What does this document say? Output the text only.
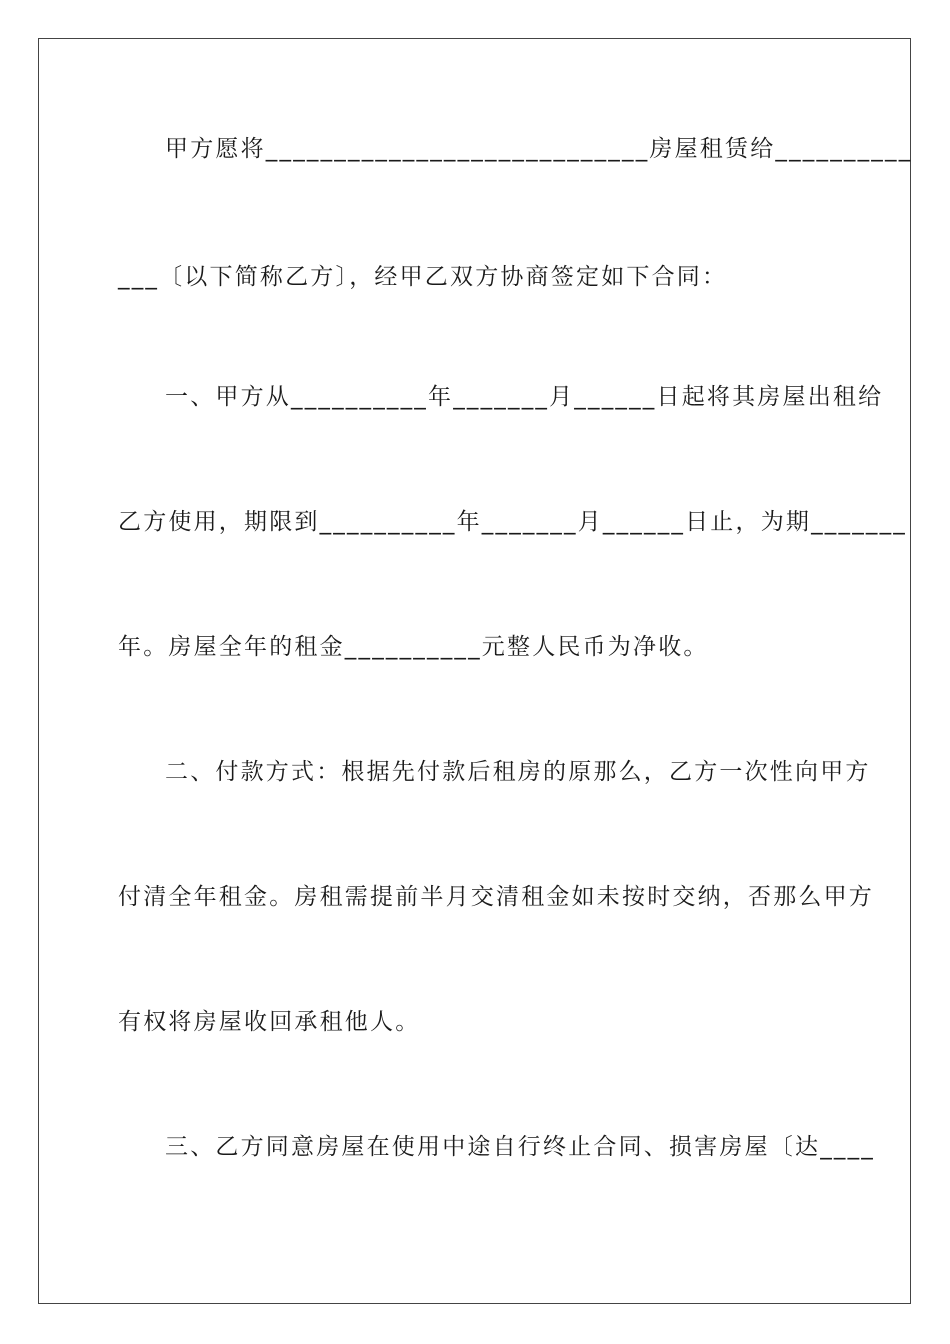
甲方愿将____________________________房屋租赁给__________
___〔以下简称乙方〕，经甲乙双方协商签定如下合同：
一、甲方从__________年_______月______日起将其房屋出租给
乙方使用，期限到__________年_______月______日止，为期_______
年。房屋全年的租金__________元整人民币为净收。
二、付款方式：根据先付款后租房的原那么，乙方一次性向甲方
付清全年租金。房租需提前半月交清租金如未按时交纳，否那么甲方
有权将房屋收回承租他人。
三、乙方同意房屋在使用中途自行终止合同、损害房屋〔达____
